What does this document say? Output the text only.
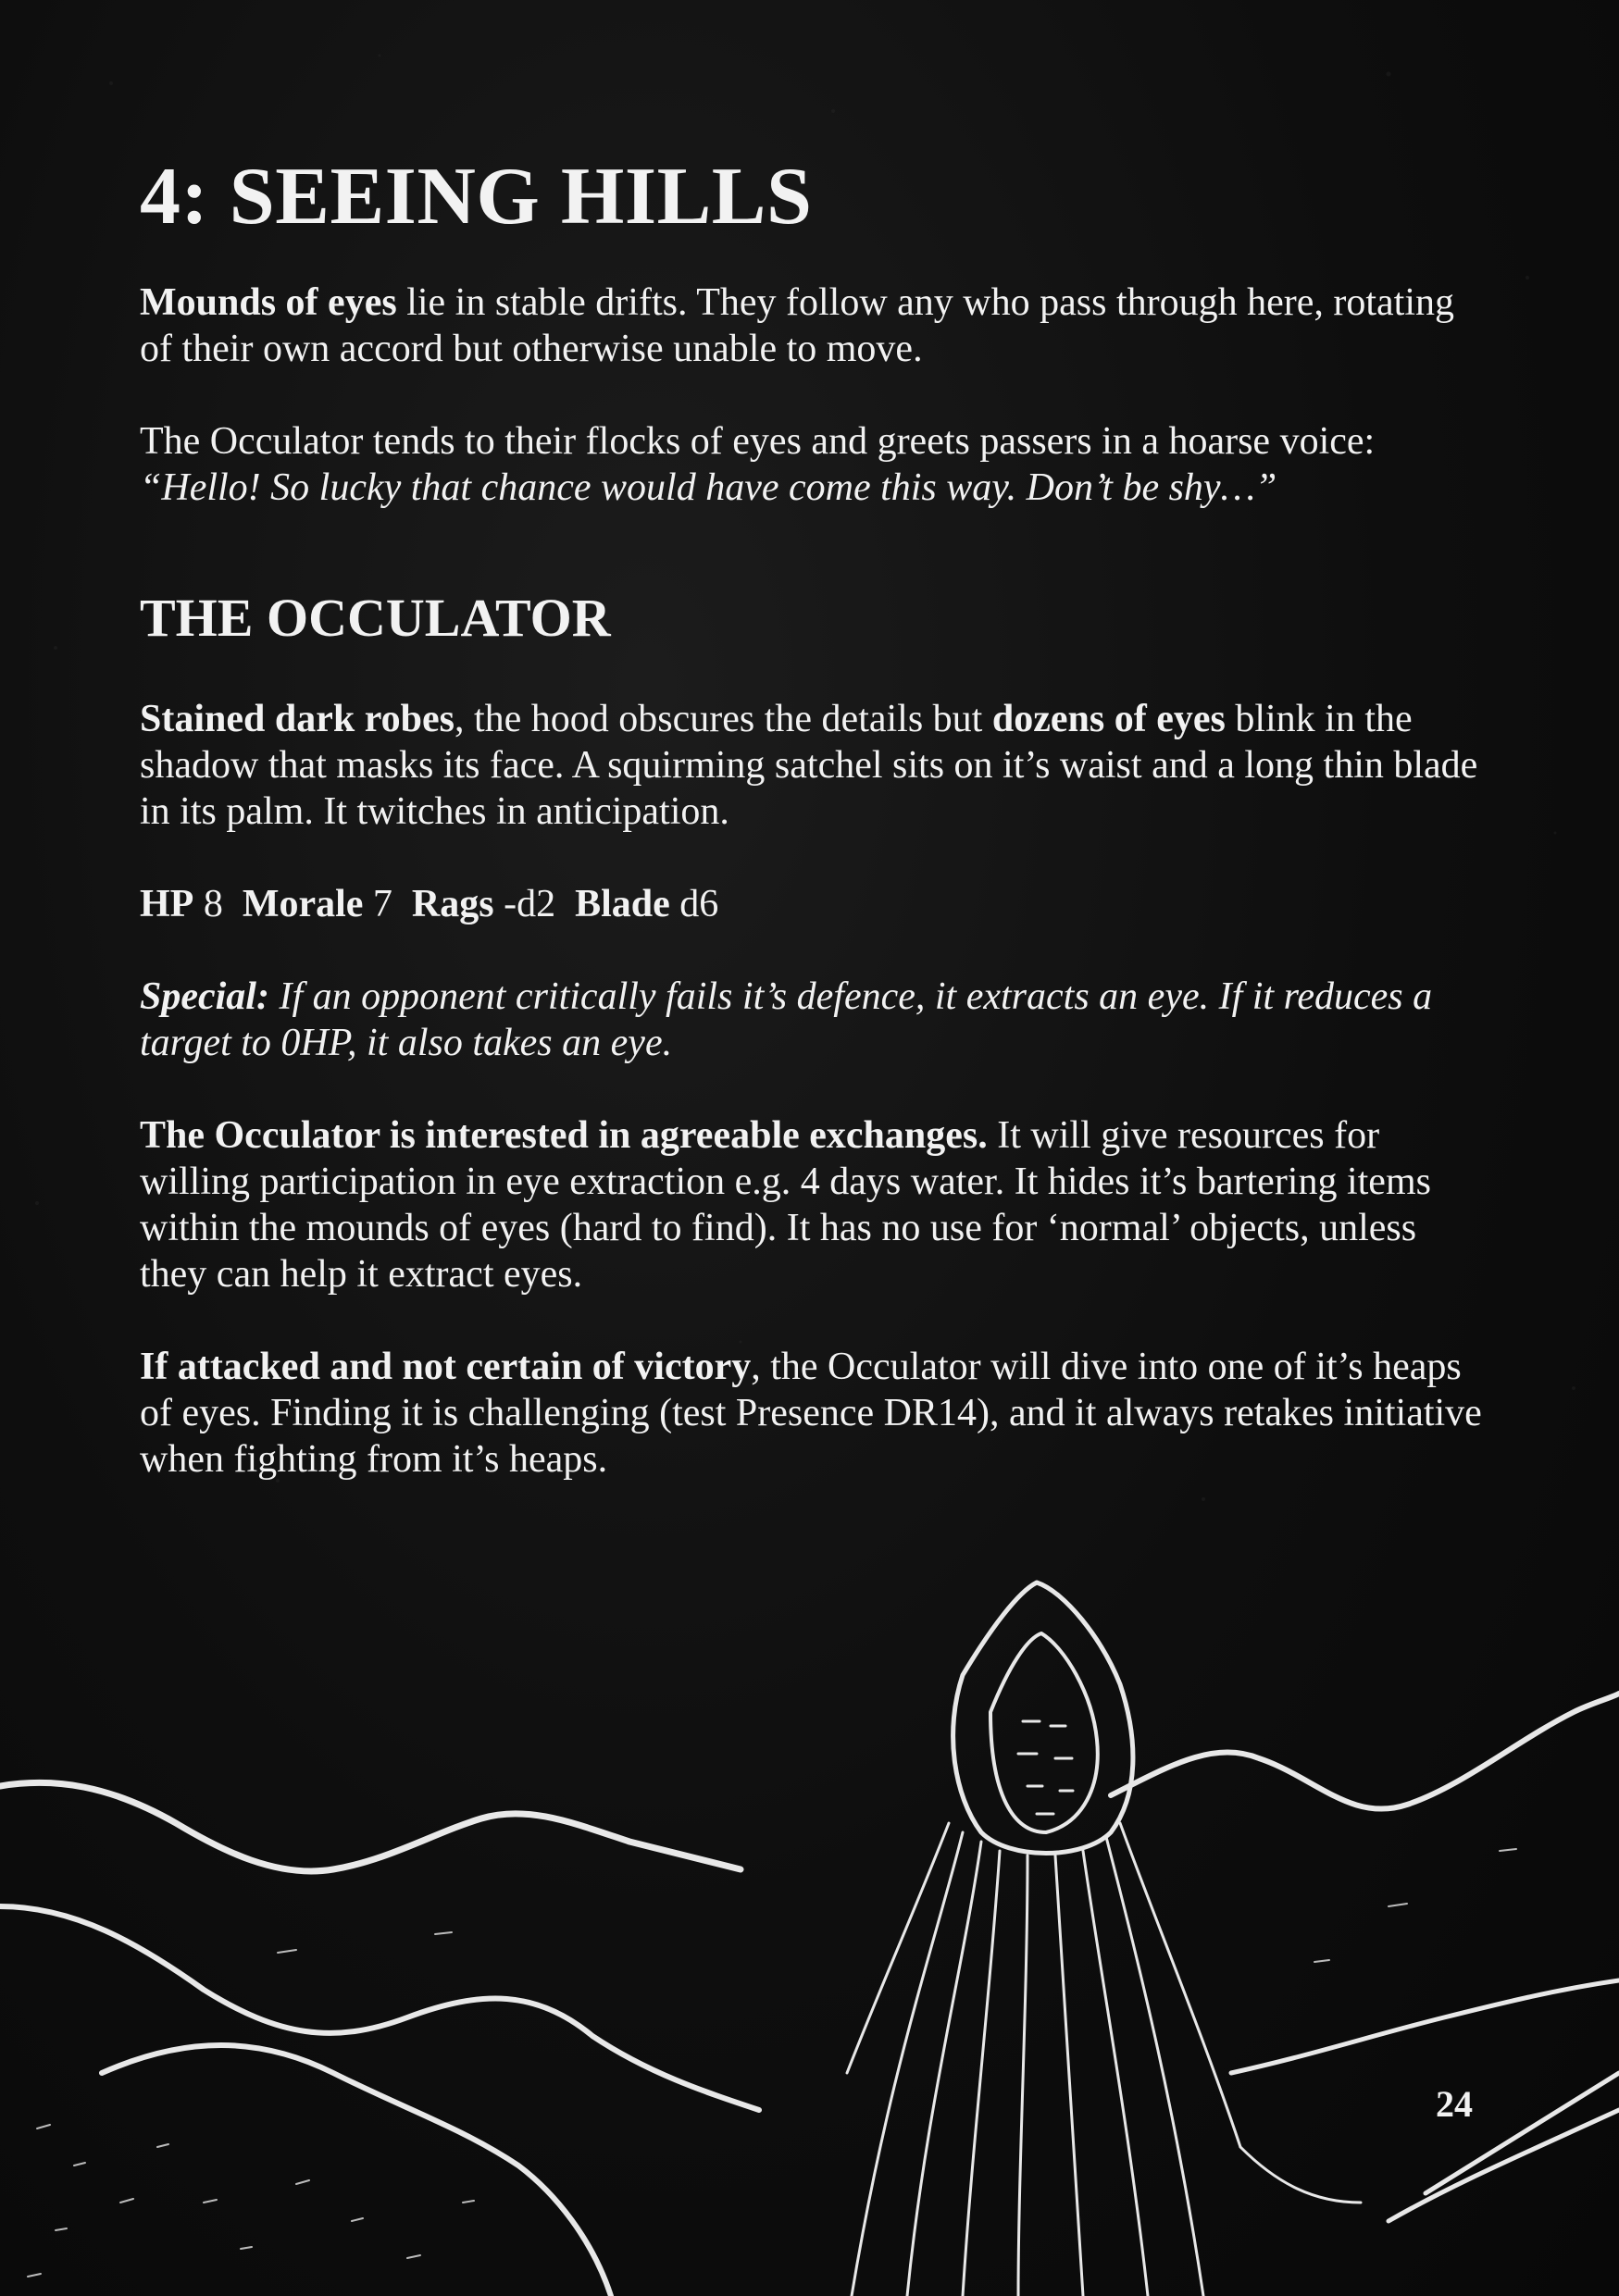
4: SEEING HILLS

Mounds of eyes lie in stable drifts. They follow any who pass through here, rotating of their own accord but otherwise unable to move.

The Occulator tends to their flocks of eyes and greets passers in a hoarse voice: “Hello! So lucky that chance would have come this way. Don’t be shy…”

THE OCCULATOR

Stained dark robes, the hood obscures the details but dozens of eyes blink in the shadow that masks its face. A squirming satchel sits on it’s waist and a long thin blade in its palm. It twitches in anticipation.

HP 8  Morale 7  Rags -d2  Blade d6

Special: If an opponent critically fails it’s defence, it extracts an eye. If it reduces a target to 0HP, it also takes an eye.

The Occulator is interested in agreeable exchanges. It will give resources for willing participation in eye extraction e.g. 4 days water. It hides it’s bartering items within the mounds of eyes (hard to find). It has no use for ‘normal’ objects, unless they can help it extract eyes.

If attacked and not certain of victory, the Occulator will dive into one of it’s heaps of eyes. Finding it is challenging (test Presence DR14), and it always retakes initiative when fighting from it’s heaps.

24
